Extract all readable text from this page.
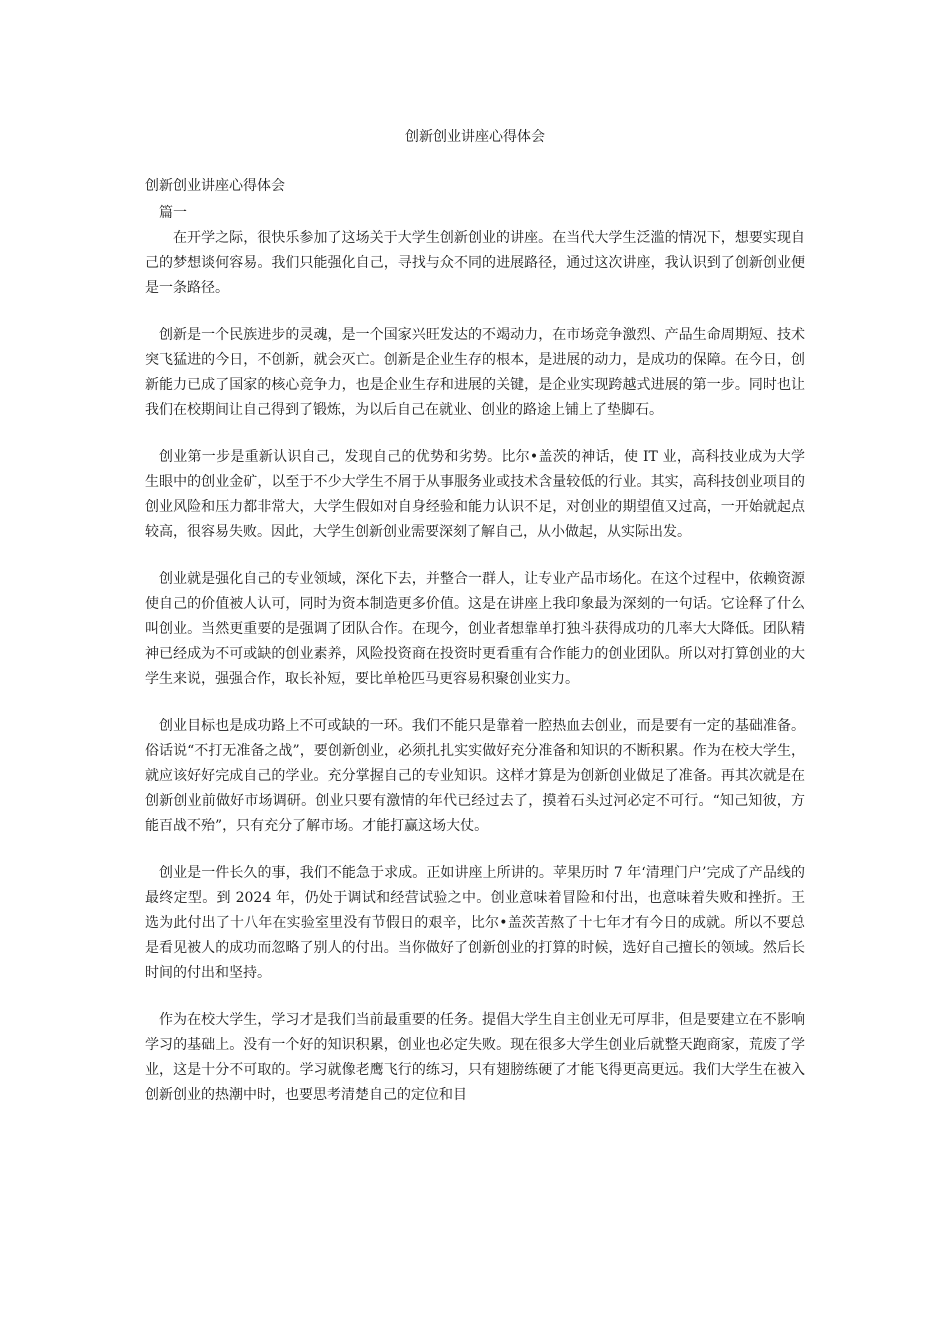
创新创业讲座心得体会

创新创业讲座心得体会

篇一

在开学之际，很快乐参加了这场关于大学生创新创业的讲座。在当代大学生泛滥的情况下，想要实现自己的梦想谈何容易。我们只能强化自己，寻找与众不同的进展路径，通过这次讲座，我认识到了创新创业便是一条路径。

创新是一个民族进步的灵魂，是一个国家兴旺发达的不竭动力，在市场竞争激烈、产品生命周期短、技术突飞猛进的今日，不创新，就会灭亡。创新是企业生存的根本，是进展的动力，是成功的保障。在今日，创新能力已成了国家的核心竞争力，也是企业生存和进展的关键，是企业实现跨越式进展的第一步。同时也让我们在校期间让自己得到了锻炼，为以后自己在就业、创业的路途上铺上了垫脚石。

创业第一步是重新认识自己，发现自己的优势和劣势。比尔•盖茨的神话，使 IT 业，高科技业成为大学生眼中的创业金矿，以至于不少大学生不屑于从事服务业或技术含量较低的行业。其实，高科技创业项目的创业风险和压力都非常大，大学生假如对自身经验和能力认识不足，对创业的期望值又过高，一开始就起点较高，很容易失败。因此，大学生创新创业需要深刻了解自己，从小做起，从实际出发。

创业就是强化自己的专业领域，深化下去，并整合一群人，让专业产品市场化。在这个过程中，依赖资源使自己的价值被人认可，同时为资本制造更多价值。这是在讲座上我印象最为深刻的一句话。它诠释了什么叫创业。当然更重要的是强调了团队合作。在现今，创业者想靠单打独斗获得成功的几率大大降低。团队精神已经成为不可或缺的创业素养，风险投资商在投资时更看重有合作能力的创业团队。所以对打算创业的大学生来说，强强合作，取长补短，要比单枪匹马更容易积聚创业实力。

创业目标也是成功路上不可或缺的一环。我们不能只是靠着一腔热血去创业，而是要有一定的基础准备。俗话说“不打无准备之战”，要创新创业，必须扎扎实实做好充分准备和知识的不断积累。作为在校大学生，就应该好好完成自己的学业。充分掌握自己的专业知识。这样才算是为创新创业做足了准备。再其次就是在创新创业前做好市场调研。创业只要有激情的年代已经过去了，摸着石头过河必定不可行。“知己知彼，方能百战不殆”，只有充分了解市场。才能打赢这场大仗。

创业是一件长久的事，我们不能急于求成。正如讲座上所讲的。苹果历时 7 年‘清理门户’完成了产品线的最终定型。到 2024 年，仍处于调试和经营试验之中。创业意味着冒险和付出，也意味着失败和挫折。王选为此付出了十八年在实验室里没有节假日的艰辛，比尔•盖茨苦熬了十七年才有今日的成就。所以不要总是看见被人的成功而忽略了别人的付出。当你做好了创新创业的打算的时候，选好自己擅长的领域。然后长时间的付出和坚持。

作为在校大学生，学习才是我们当前最重要的任务。提倡大学生自主创业无可厚非，但是要建立在不影响学习的基础上。没有一个好的知识积累，创业也必定失败。现在很多大学生创业后就整天跑商家，荒废了学业，这是十分不可取的。学习就像老鹰飞行的练习，只有翅膀练硬了才能飞得更高更远。我们大学生在被入创新创业的热潮中时，也要思考清楚自己的定位和目
